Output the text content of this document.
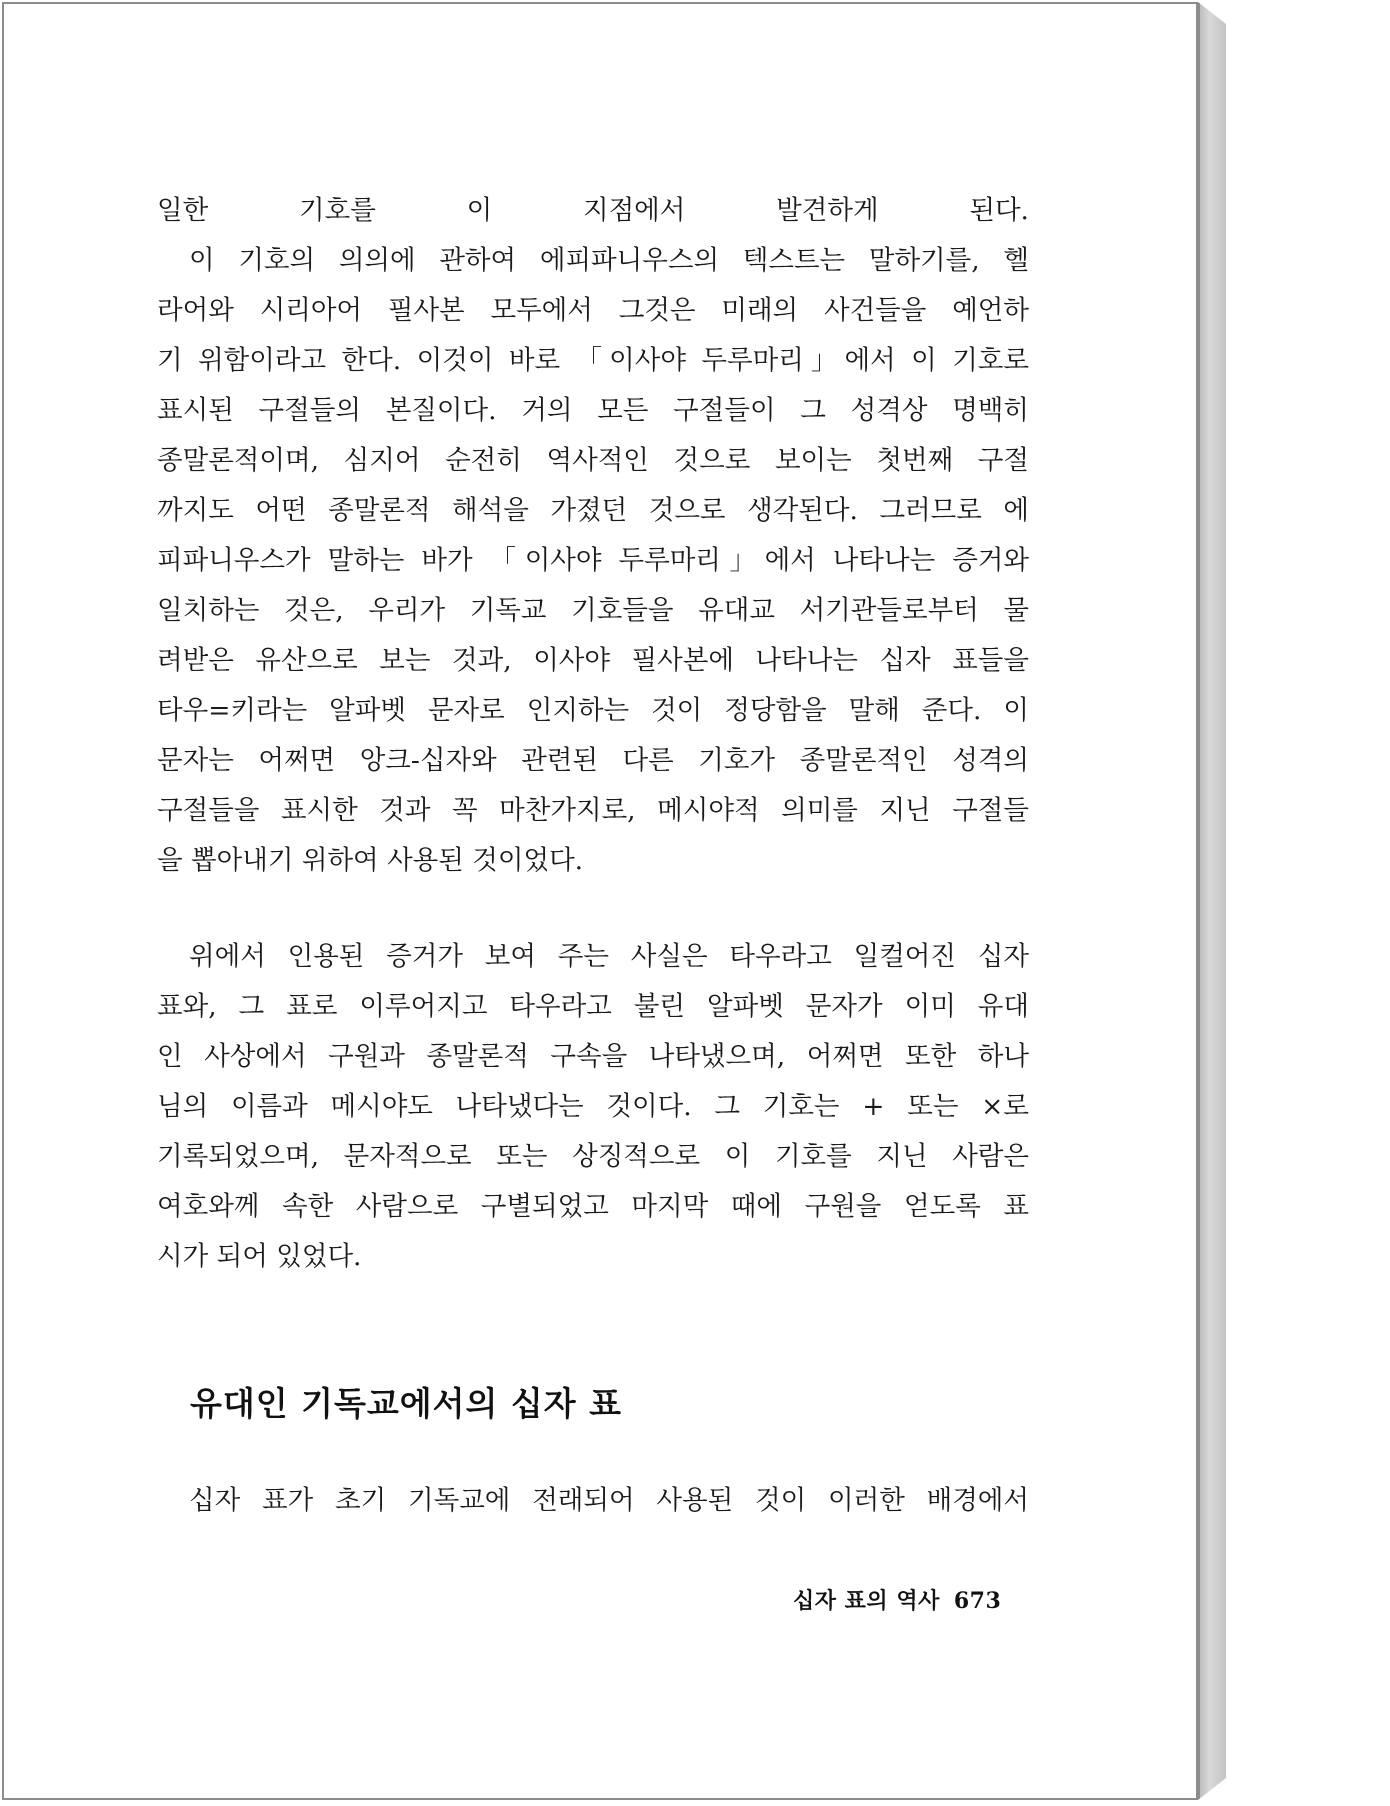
일한 기호를 이 지점에서 발견하게 된다.
이 기호의 의의에 관하여 에피파니우스의 텍스트는 말하기를, 헬
라어와 시리아어 필사본 모두에서 그것은 미래의 사건들을 예언하
기 위함이라고 한다. 이것이 바로 「이사야 두루마리」에서 이 기호로
표시된 구절들의 본질이다. 거의 모든 구절들이 그 성격상 명백히
종말론적이며, 심지어 순전히 역사적인 것으로 보이는 첫번째 구절
까지도 어떤 종말론적 해석을 가졌던 것으로 생각된다. 그러므로 에
피파니우스가 말하는 바가 「이사야 두루마리」에서 나타나는 증거와
일치하는 것은, 우리가 기독교 기호들을 유대교 서기관들로부터 물
려받은 유산으로 보는 것과, 이사야 필사본에 나타나는 십자 표들을
타우=키라는 알파벳 문자로 인지하는 것이 정당함을 말해 준다. 이
문자는 어쩌면 앙크-십자와 관련된 다른 기호가 종말론적인 성격의
구절들을 표시한 것과 꼭 마찬가지로, 메시야적 의미를 지닌 구절들
을 뽑아내기 위하여 사용된 것이었다.
위에서 인용된 증거가 보여 주는 사실은 타우라고 일컬어진 십자
표와, 그 표로 이루어지고 타우라고 불린 알파벳 문자가 이미 유대
인 사상에서 구원과 종말론적 구속을 나타냈으며, 어쩌면 또한 하나
님의 이름과 메시야도 나타냈다는 것이다. 그 기호는 + 또는 ×로
기록되었으며, 문자적으로 또는 상징적으로 이 기호를 지닌 사람은
여호와께 속한 사람으로 구별되었고 마지막 때에 구원을 얻도록 표
시가 되어 있었다.
유대인 기독교에서의 십자 표
십자 표가 초기 기독교에 전래되어 사용된 것이 이러한 배경에서
십자 표의 역사 673
